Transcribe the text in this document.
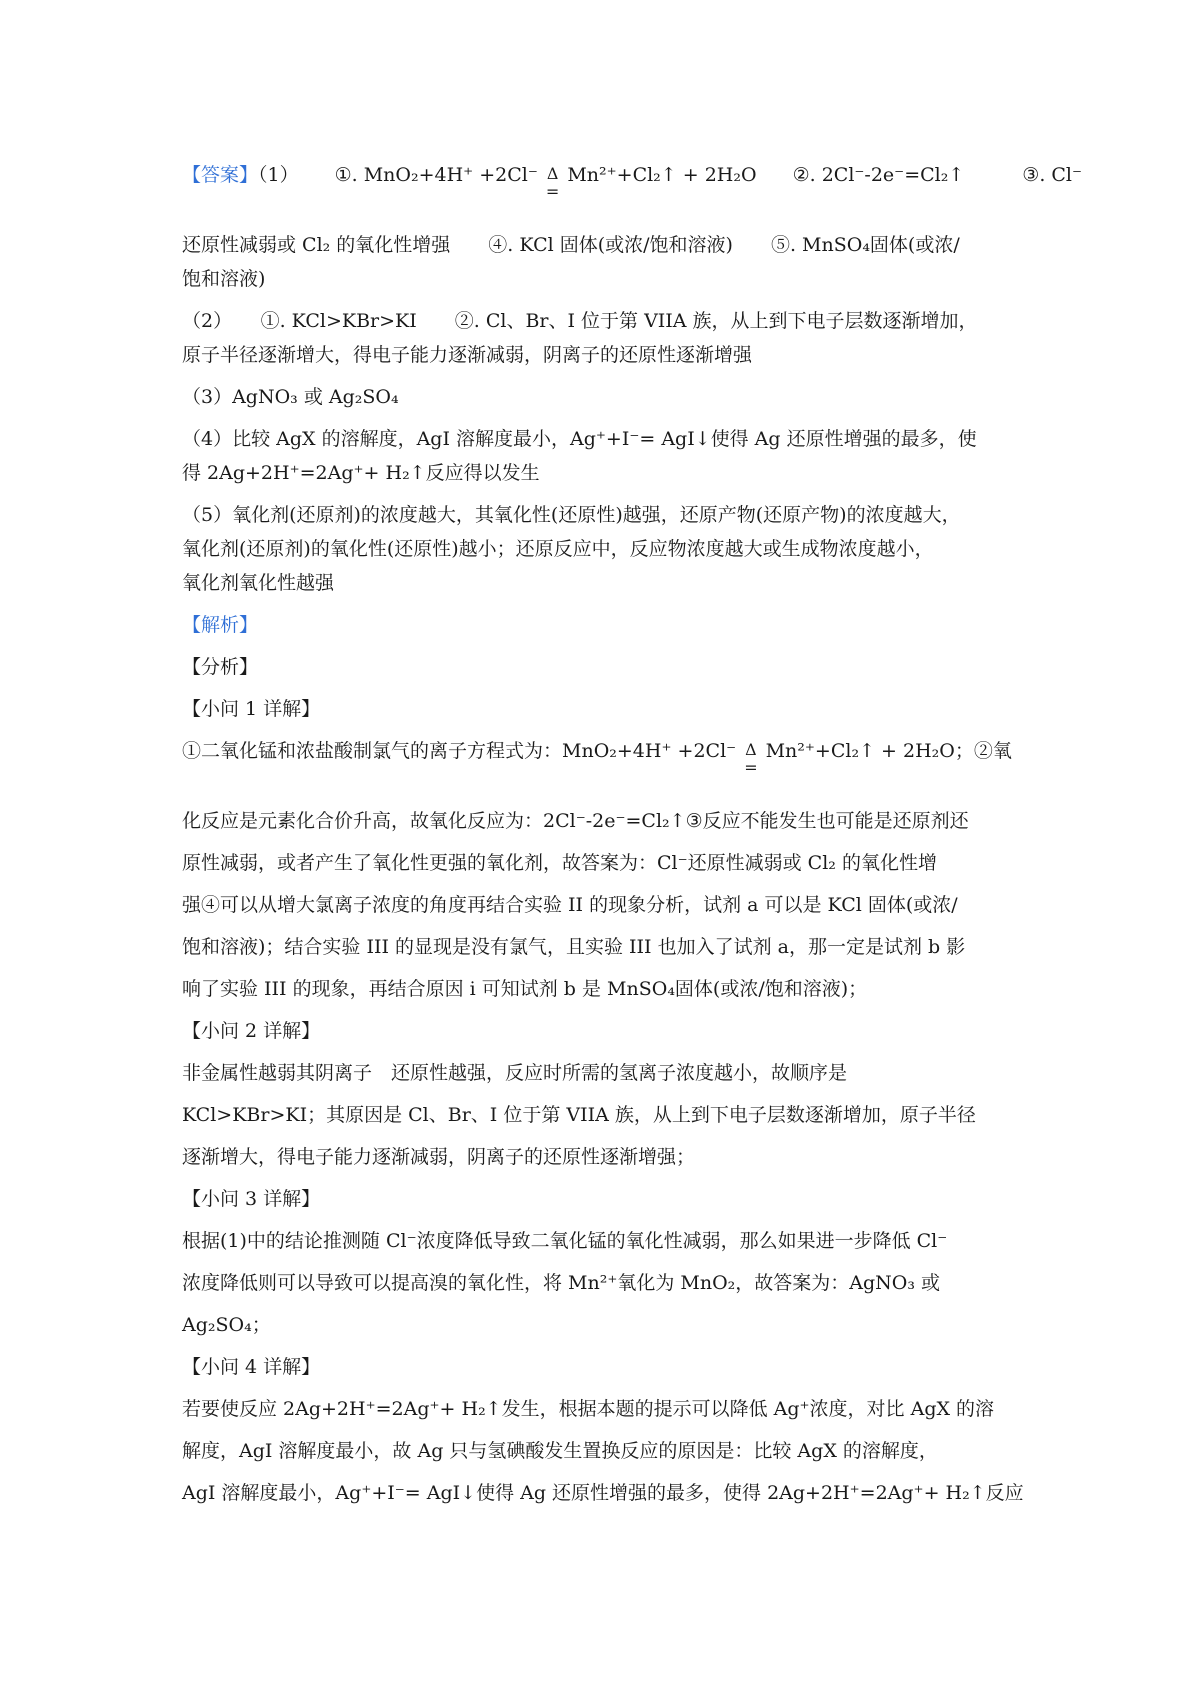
【答案】（1） ①. MnO₂+4H⁺ +2Cl⁻ Δ
=
Mn²⁺+Cl₂↑ + 2H₂O ②. 2Cl⁻-2e⁻=Cl₂↑	③. Cl⁻
还原性减弱或 Cl₂ 的氧化性增强　　④. KCl 固体(或浓/饱和溶液)　　⑤. MnSO₄固体(或浓/
饱和溶液)
（2）　　①. KCl>KBr>KI　　②. Cl、Br、I 位于第 VIIA 族，从上到下电子层数逐渐增加，
原子半径逐渐增大，得电子能力逐渐减弱，阴离子的还原性逐渐增强
（3）AgNO₃ 或 Ag₂SO₄
（4）比较 AgX 的溶解度，AgI 溶解度最小，Ag⁺+I⁻= AgI↓使得 Ag 还原性增强的最多，使
得 2Ag+2H⁺=2Ag⁺+ H₂↑反应得以发生
（5）氧化剂(还原剂)的浓度越大，其氧化性(还原性)越强，还原产物(还原产物)的浓度越大，
氧化剂(还原剂)的氧化性(还原性)越小；还原反应中，反应物浓度越大或生成物浓度越小，
氧化剂氧化性越强
【解析】
【分析】
【小问 1 详解】
①二氧化锰和浓盐酸制氯气的离子方程式为：MnO₂+4H⁺ +2Cl⁻ Δ
=
Mn²⁺+Cl₂↑ + 2H₂O；②氧
化反应是元素化合价升高，故氧化反应为：2Cl⁻-2e⁻=Cl₂↑③反应不能发生也可能是还原剂还
原性减弱，或者产生了氧化性更强的氧化剂，故答案为：Cl⁻还原性减弱或 Cl₂ 的氧化性增
强④可以从增大氯离子浓度的角度再结合实验 II 的现象分析，试剂 a 可以是 KCl 固体(或浓/
饱和溶液)；结合实验 III 的显现是没有氯气，且实验 III 也加入了试剂 a，那一定是试剂 b 影
响了实验 III 的现象，再结合原因 i 可知试剂 b 是 MnSO₄固体(或浓/饱和溶液)；
【小问 2 详解】
非金属性越弱其阴离子　还原性越强，反应时所需的氢离子浓度越小，故顺序是
KCl>KBr>KI；其原因是 Cl、Br、I 位于第 VIIA 族，从上到下电子层数逐渐增加，原子半径
逐渐增大，得电子能力逐渐减弱，阴离子的还原性逐渐增强；
【小问 3 详解】
根据(1)中的结论推测随 Cl⁻浓度降低导致二氧化锰的氧化性减弱，那么如果进一步降低 Cl⁻
浓度降低则可以导致可以提高溴的氧化性，将 Mn²⁺氧化为 MnO₂，故答案为：AgNO₃ 或
Ag₂SO₄；
【小问 4 详解】
若要使反应 2Ag+2H⁺=2Ag⁺+ H₂↑发生，根据本题的提示可以降低 Ag⁺浓度，对比 AgX 的溶
解度，AgI 溶解度最小，故 Ag 只与氢碘酸发生置换反应的原因是：比较 AgX 的溶解度，
AgI 溶解度最小，Ag⁺+I⁻= AgI↓使得 Ag 还原性增强的最多，使得 2Ag+2H⁺=2Ag⁺+ H₂↑反应
